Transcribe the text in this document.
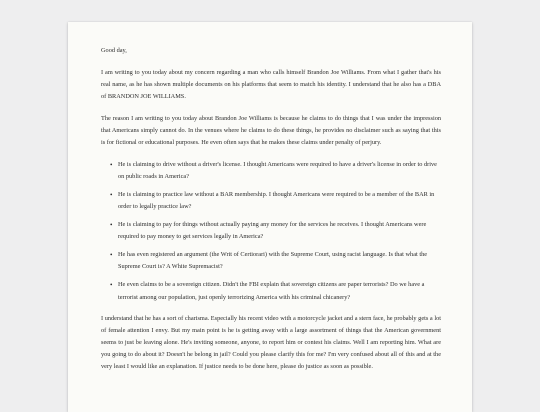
Good day,

I am writing to you today about my concern regarding a man who calls himself Brandon Joe Williams. From what I gather that's his real name, as he has shown multiple documents on his platforms that seem to match his identity. I understand that he also has a DBA of BRANDON JOE WILLIAMS.

The reason I am writing to you today about Brandon Joe Williams is because he claims to do things that I was under the impression that Americans simply cannot do. In the venues where he claims to do these things, he provides no disclaimer such as saying that this is for fictional or educational purposes. He even often says that he makes these claims under penalty of perjury.

• He is claiming to drive without a driver's license. I thought Americans were required to have a driver's license in order to drive on public roads in America?
• He is claiming to practice law without a BAR membership. I thought Americans were required to be a member of the BAR in order to legally practice law?
• He is claiming to pay for things without actually paying any money for the services he receives. I thought Americans were required to pay money to get services legally in America?
• He has even registered an argument (the Writ of Certiorari) with the Supreme Court, using racist language. Is that what the Supreme Court is? A White Supremacist?
• He even claims to be a sovereign citizen. Didn't the FBI explain that sovereign citizens are paper terrorists? Do we have a terrorist among our population, just openly terrorizing America with his criminal chicanery?

I understand that he has a sort of charisma. Especially his recent video with a motorcycle jacket and a stern face, he probably gets a lot of female attention I envy. But my main point is he is getting away with a large assortment of things that the American government seems to just be leaving alone. He's inviting someone, anyone, to report him or contest his claims. Well I am reporting him. What are you going to do about it? Doesn't he belong in jail? Could you please clarify this for me? I'm very confused about all of this and at the very least I would like an explanation. If justice needs to be done here, please do justice as soon as possible.
